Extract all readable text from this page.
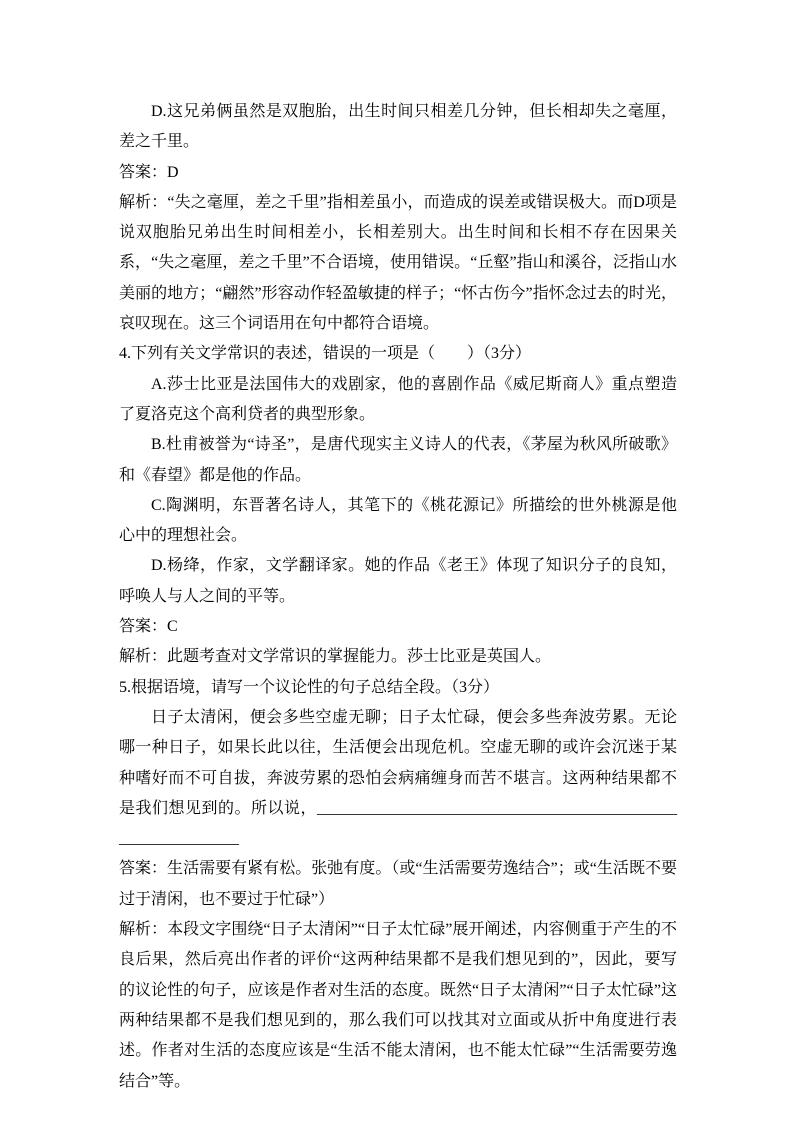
D.这兄弟俩虽然是双胞胎，出生时间只相差几分钟，但长相却失之毫厘，差之千里。

答案：D

解析：“失之毫厘，差之千里”指相差虽小，而造成的误差或错误极大。而D项是说双胞胎兄弟出生时间相差小，长相差别大。出生时间和长相不存在因果关系，“失之毫厘，差之千里”不合语境，使用错误。“丘壑”指山和溪谷，泛指山水美丽的地方；“翩然”形容动作轻盈敏捷的样子；“怀古伤今”指怀念过去的时光，哀叹现在。这三个词语用在句中都符合语境。

4.下列有关文学常识的表述，错误的一项是（　　）（3分）

A.莎士比亚是法国伟大的戏剧家，他的喜剧作品《威尼斯商人》重点塑造了夏洛克这个高利贷者的典型形象。

B.杜甫被誉为“诗圣”，是唐代现实主义诗人的代表，《茅屋为秋风所破歌》和《春望》都是他的作品。

C.陶渊明，东晋著名诗人，其笔下的《桃花源记》所描绘的世外桃源是他心中的理想社会。

D.杨绛，作家，文学翻译家。她的作品《老王》体现了知识分子的良知，呼唤人与人之间的平等。

答案：C

解析：此题考查对文学常识的掌握能力。莎士比亚是英国人。

5.根据语境，请写一个议论性的句子总结全段。（3分）

日子太清闲，便会多些空虚无聊；日子太忙碌，便会多些奔波劳累。无论哪一种日子，如果长此以往，生活便会出现危机。空虚无聊的或许会沉迷于某种嗜好而不可自拔，奔波劳累的恐怕会病痛缠身而苦不堪言。这两种结果都不是我们想见到的。所以说，____________________________________________________________

答案：生活需要有紧有松。张弛有度。（或“生活需要劳逸结合”；或“生活既不要过于清闲，也不要过于忙碌”）

解析：本段文字围绕“日子太清闲”“日子太忙碌”展开阐述，内容侧重于产生的不良后果，然后亮出作者的评价“这两种结果都不是我们想见到的”，因此，要写的议论性的句子，应该是作者对生活的态度。既然“日子太清闲”“日子太忙碌”这两种结果都不是我们想见到的，那么我们可以找其对立面或从折中角度进行表述。作者对生活的态度应该是“生活不能太清闲，也不能太忙碌”“生活需要劳逸结合”等。
